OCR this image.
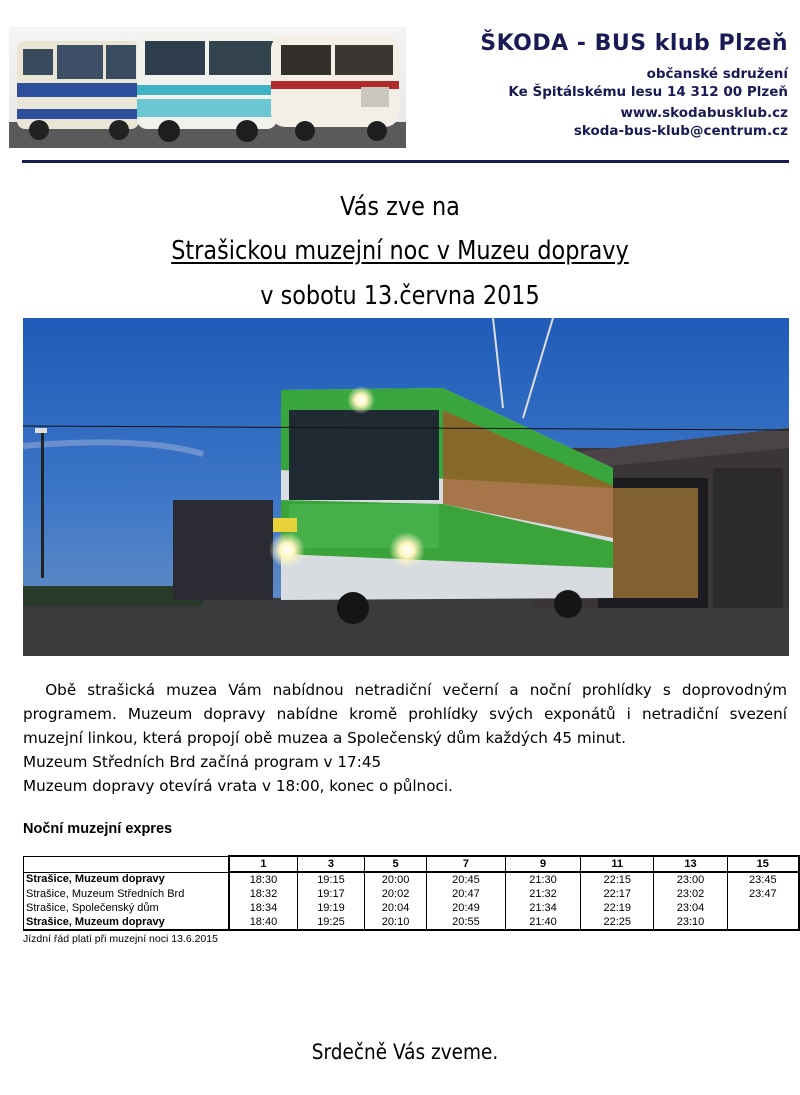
ŠKODA - BUS klub Plzeň
občanské sdružení
Ke Špitálskému lesu 14 312 00 Plzeň
www.skodabusklub.cz
skoda-bus-klub@centrum.cz
Vás zve na
Strašickou muzejní noc v Muzeu dopravy
v sobotu 13.června 2015

Obě strašická muzea Vám nabídnou netradiční večerní a noční prohlídky s doprovodným programem. Muzeum dopravy nabídne kromě prohlídky svých exponátů i netradiční svezení muzejní linkou, která propojí obě muzea a Společenský dům každých 45 minut.

Muzeum Středních Brd začíná program v 17:45

Muzeum dopravy otevírá vrata v 18:00, konec o půlnoci.

Noční muzejní expres
	1	3	5	7	9	11	13	15
Strašice, Muzeum dopravy	18:30	19:15	20:00	20:45	21:30	22:15	23:00	23:45
Strašice, Muzeum Středních Brd	18:32	19:17	20:02	20:47	21:32	22:17	23:02	23:47
Strašice, Společenský dům	18:34	19:19	20:04	20:49	21:34	22:19	23:04	
Strašice, Muzeum dopravy	18:40	19:25	20:10	20:55	21:40	22:25	23:10	
Jízdní řád platí při muzejní noci 13.6.2015
Srdečně Vás zveme.
